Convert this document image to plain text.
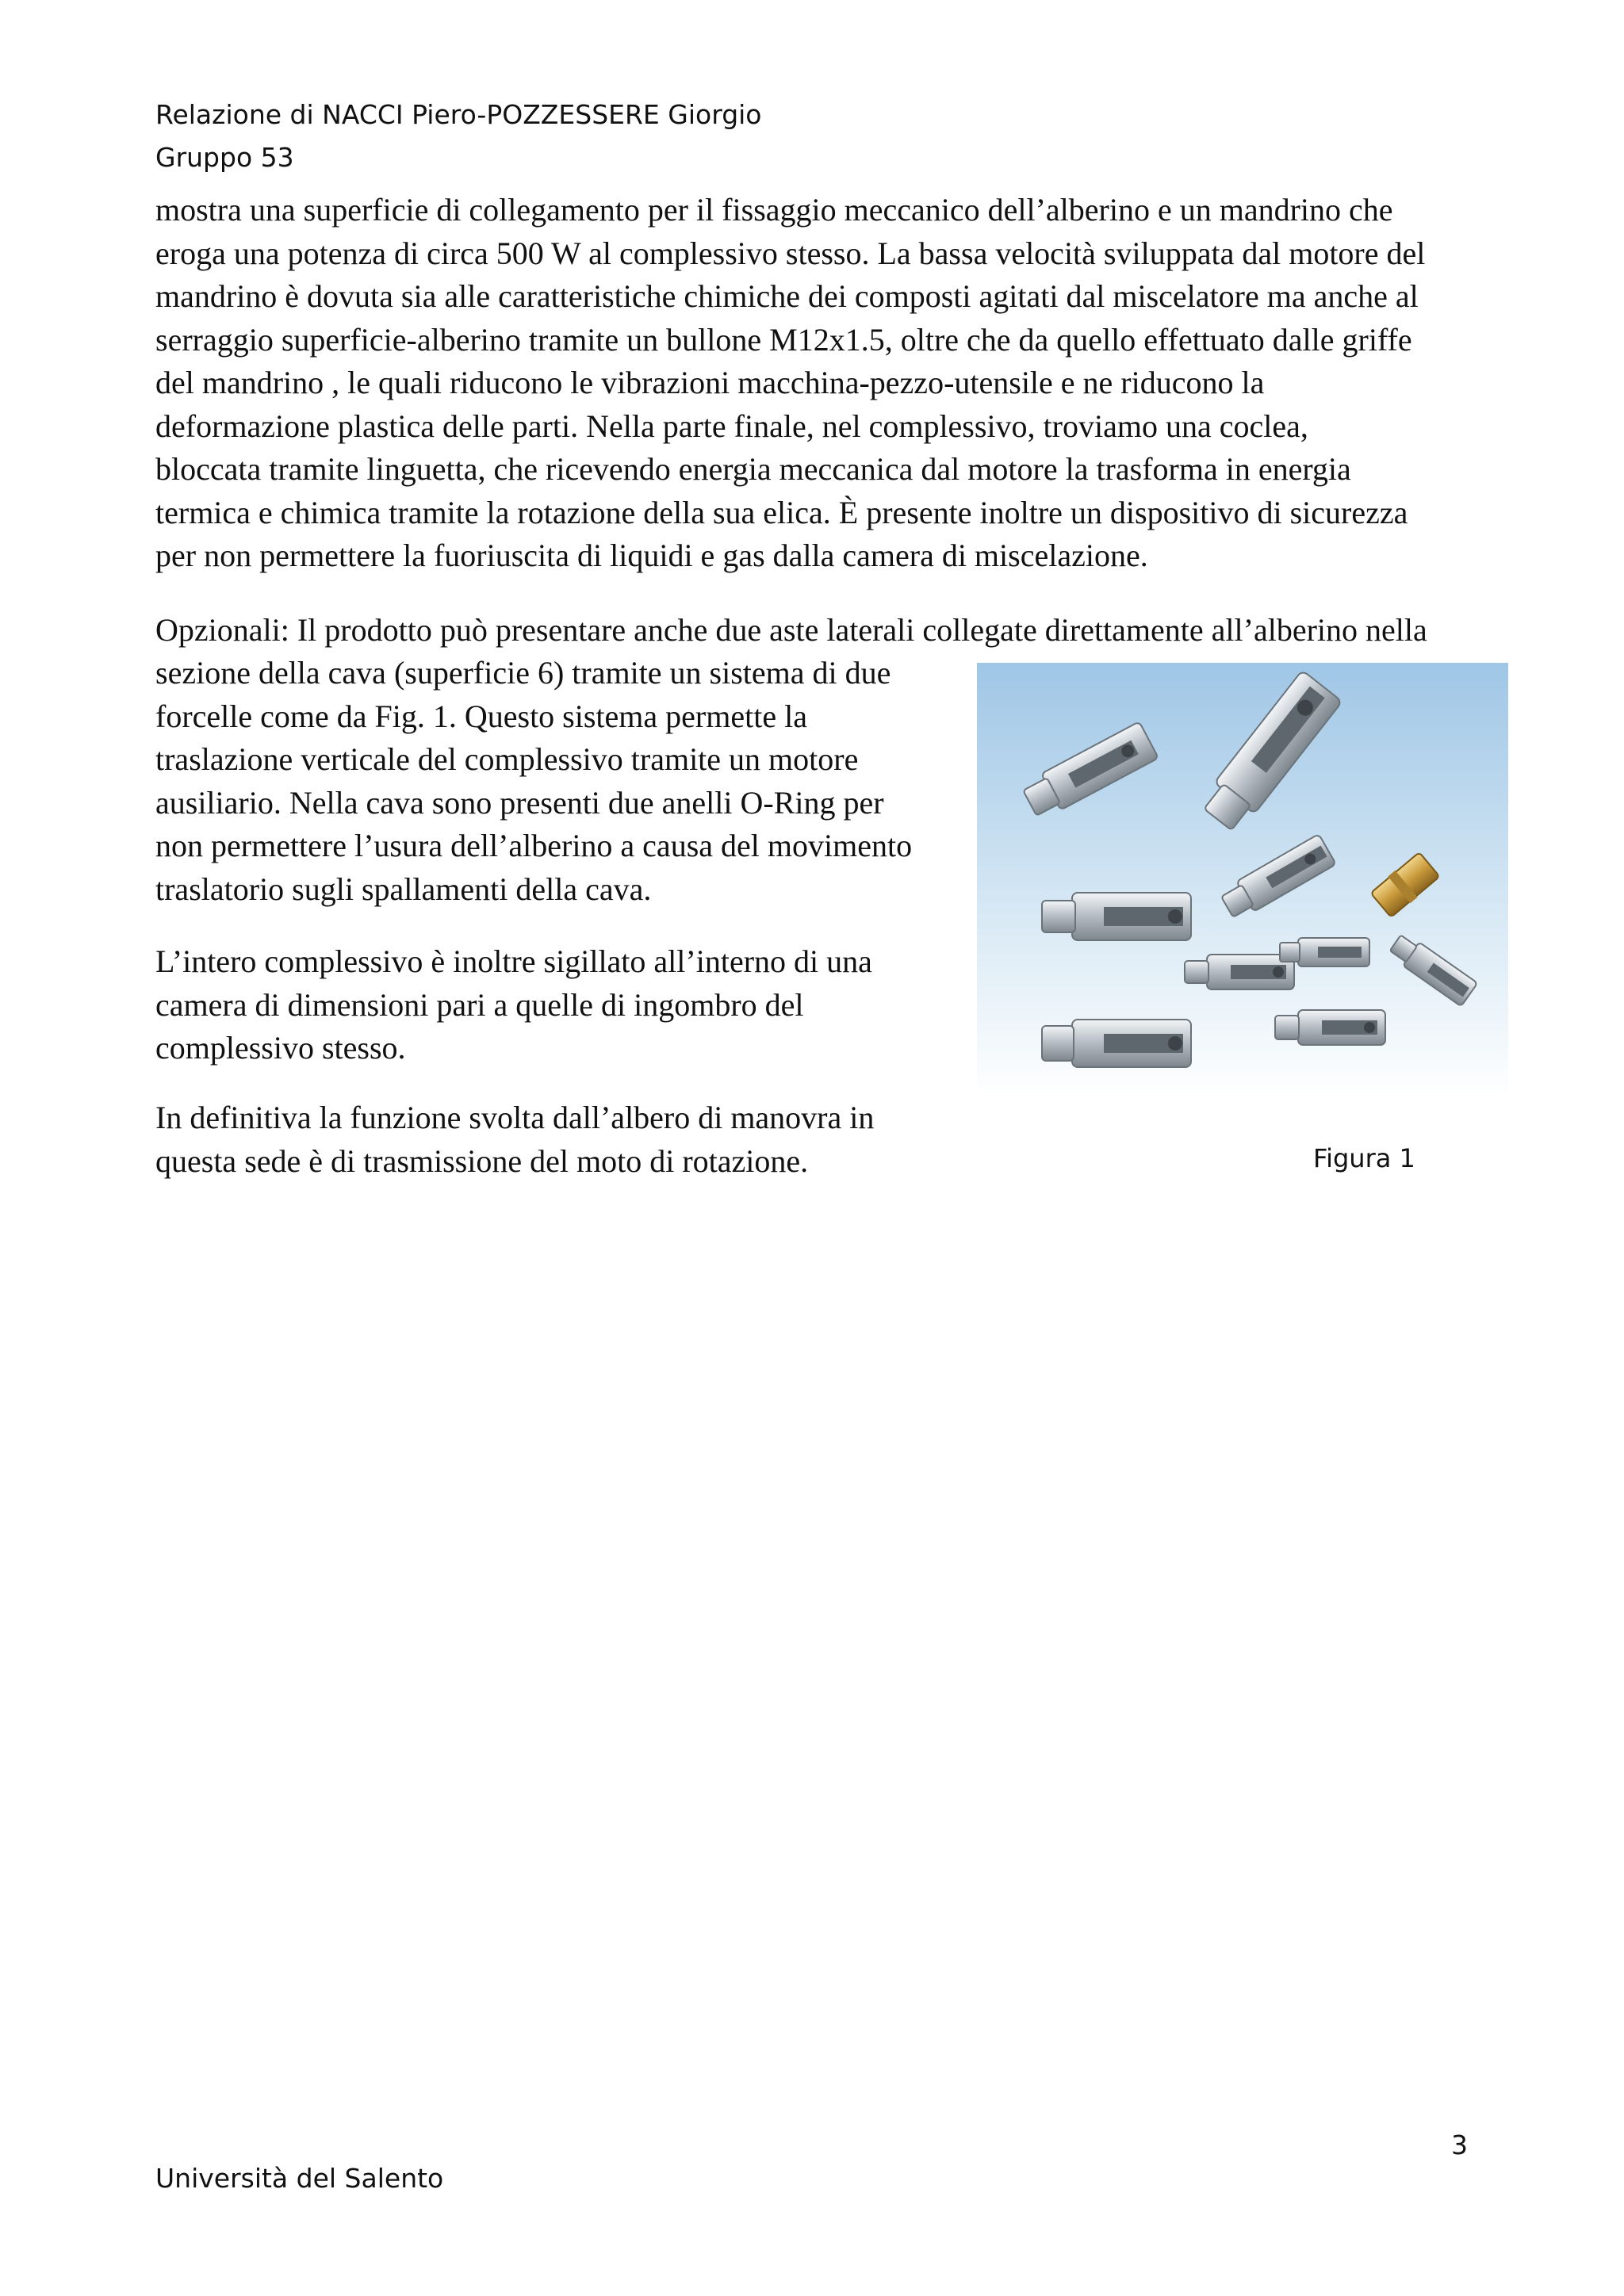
Relazione di NACCI Piero-POZZESSERE Giorgio
Gruppo 53
mostra una superficie di collegamento per il fissaggio meccanico dell’alberino e un mandrino che
eroga una potenza di circa 500 W al complessivo stesso. La bassa velocità sviluppata dal motore del
mandrino è dovuta sia alle caratteristiche chimiche dei composti agitati dal miscelatore ma anche al
serraggio superficie-alberino tramite un bullone M12x1.5, oltre che da quello effettuato dalle griffe
del mandrino , le quali riducono le vibrazioni macchina-pezzo-utensile e ne riducono la
deformazione plastica delle parti. Nella parte finale, nel complessivo, troviamo una coclea,
bloccata tramite linguetta, che ricevendo energia meccanica dal motore la trasforma in energia
termica e chimica tramite la rotazione della sua elica. È presente inoltre un dispositivo di sicurezza
per non permettere la fuoriuscita di liquidi e gas dalla camera di miscelazione.
Opzionali: Il prodotto può presentare anche due aste laterali collegate direttamente all’alberino nella
sezione della cava (superficie 6) tramite un sistema di due
forcelle come da Fig. 1. Questo sistema permette la
traslazione verticale del complessivo tramite un motore
ausiliario. Nella cava sono presenti due anelli O-Ring per
non permettere l’usura dell’alberino a causa del movimento
traslatorio sugli spallamenti della cava.
L’intero complessivo è inoltre sigillato all’interno di una
camera di dimensioni pari a quelle di ingombro del
complessivo stesso.
In definitiva la funzione svolta dall’albero di manovra in
questa sede è di trasmissione del moto di rotazione.	Figura 1
3
Università del Salento
